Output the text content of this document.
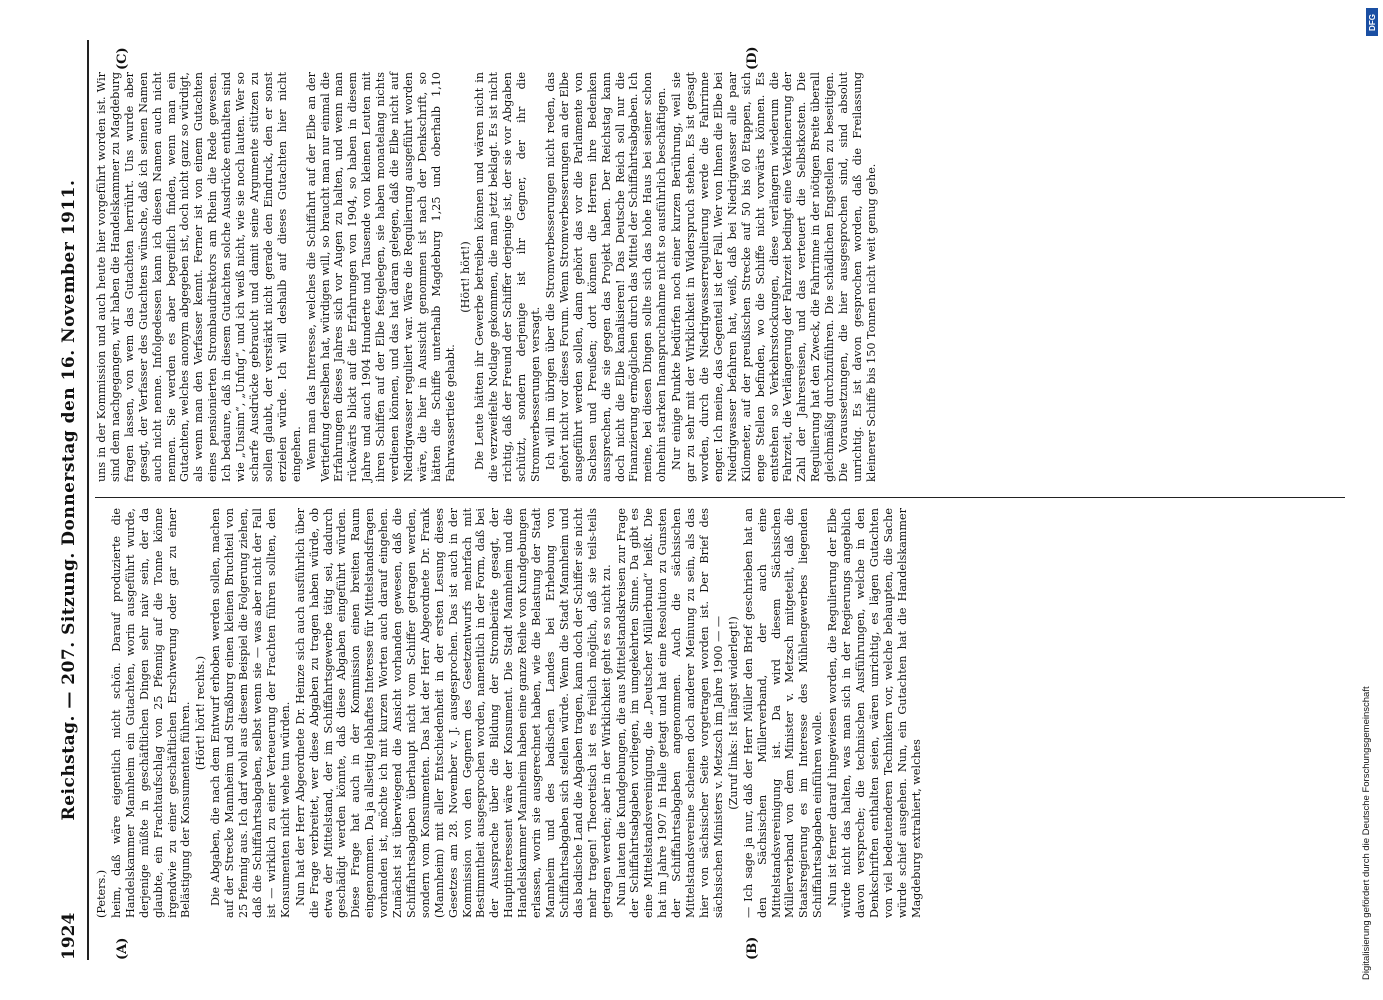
1924
Reichstag. — 207. Sitzung. Donnerstag den 16. November 1911.
(A)	(B)
(C)	(D)

(Peters.) heim, daß wäre eigentlich nicht schön. Darauf produzierte die Handelskammer Mannheim ein Gutachten, worin ausgeführt wurde, derjenige müßte in geschäftlichen Dingen sehr naiv sein, der da glaubte, ein Frachtaufschlag von 25 Pfennig auf die Tonne könne irgendwie zu einer geschäftlichen Erschwerung oder gar zu einer Belästigung der Konsumenten führen. (Hört! hört! rechts.) Die Abgaben, die nach dem Entwurf erhoben werden sollen, machen auf der Strecke Mannheim und Straßburg einen kleinen Bruchteil von 25 Pfennig aus. Ich darf wohl aus diesem Beispiel die Folgerung ziehen, daß die Schiffahrtsabgaben, selbst wenn sie — was aber nicht der Fall ist — wirklich zu einer Verteuerung der Frachten führen sollten, den Konsumenten nicht wehe tun würden. Nun hat der Herr Abgeordnete Dr. Heinze sich auch ausführlich über die Frage verbreitet, wer diese Abgaben zu tragen haben würde, ob etwa der Mittelstand, der im Schiffahrtsgewerbe tätig sei, dadurch geschädigt werden könnte, daß diese Abgaben eingeführt würden. Diese Frage hat auch in der Kommission einen breiten Raum eingenommen. Da ja allseitig lebhaftes Interesse für Mittelstandsfragen vorhanden ist, möchte ich mit kurzen Worten auch darauf eingehen. Zunächst ist überwiegend die Ansicht vorhanden gewesen, daß die Schiffahrtsabgaben überhaupt nicht vom Schiffer getragen werden, sondern vom Konsumenten. Das hat der Herr Abgeordnete Dr. Frank (Mannheim) mit aller Entschiedenheit in der ersten Lesung dieses Gesetzes am 28. November v. J. ausgesprochen. Das ist auch in der Kommission von den Gegnern des Gesetzentwurfs mehrfach mit Bestimmtheit ausgesprochen worden, namentlich in der Form, daß bei der Aussprache über die Bildung der Strombeiräte gesagt, der Hauptinteressent wäre der Konsument. Die Stadt Mannheim und die Handelskammer Mannheim haben eine ganze Reihe von Kundgebungen erlassen, worin sie ausgerechnet haben, wie die Belastung der Stadt Mannheim und des badischen Landes bei Erhebung von Schiffahrtsabgaben sich stellen würde. Wenn die Stadt Mannheim und das badische Land die Abgaben tragen, kann doch der Schiffer sie nicht mehr tragen! Theoretisch ist es freilich möglich, daß sie teils-teils getragen werden; aber in der Wirklichkeit geht es so nicht zu. Nun lauten die Kundgebungen, die aus Mittelstandskreisen zur Frage der Schiffahrtsabgaben vorliegen, im umgekehrten Sinne. Da gibt es eine Mittelstandsvereinigung, die „Deutscher Müllerbund“ heißt. Die hat im Jahre 1907 in Halle getagt und hat eine Resolution zu Gunsten der Schiffahrtsabgaben angenommen. Auch die sächsischen Mittelstandsvereine scheinen doch anderer Meinung zu sein, als das hier von sächsischer Seite vorgetragen worden ist. Der Brief des sächsischen Ministers v. Metzsch im Jahre 1900 — — (Zuruf links: Ist längst widerlegt!) — Ich sage ja nur, daß der Herr Müller den Brief geschrieben hat an den Sächsischen Müllerverband, der auch eine Mittelstandsvereinigung ist. Da wird diesem Sächsischen Müllerverband von dem Minister v. Metzsch mitgeteilt, daß die Staatsregierung es im Interesse des Mühlengewerbes liegenden Schiffahrtsabgaben einführen wolle. Nun ist ferner darauf hingewiesen worden, die Regulierung der Elbe würde nicht das halten, was man sich in der Regierungs angeblich davon verspreche; die technischen Ausführungen, welche in den Denkschriften enthalten seien, wären unrichtig, es lägen Gutachten von viel bedeutenderen Technikern vor, welche behaupten, die Sache würde schief ausgehen. Nun, ein Gutachten hat die Handelskammer Magdeburg extrahiert, welches

uns in der Kommission und auch heute hier vorgeführt worden ist. Wir sind dem nachgegangen, wir haben die Handelskammer zu Magdeburg fragen lassen, von wem das Gutachten herrührt. Uns wurde aber gesagt, der Verfasser des Gutachtens wünsche, daß ich seinen Namen auch nicht nenne. Infolgedessen kann ich diesen Namen auch nicht nennen. Sie werden es aber begreiflich finden, wenn man ein Gutachten, welches anonym abgegeben ist, doch nicht ganz so würdigt, als wenn man den Verfasser kennt. Ferner ist von einem Gutachten eines pensionierten Strombaudirektors am Rhein die Rede gewesen. Ich bedaure, daß in diesem Gutachten solche Ausdrücke enthalten sind wie „Unsinn“, „Unfug“, und ich weiß nicht, wie sie noch lauten. Wer so scharfe Ausdrücke gebraucht und damit seine Argumente stützen zu sollen glaubt, der verstärkt nicht gerade den Eindruck, den er sonst erzielen würde. Ich will deshalb auf dieses Gutachten hier nicht eingehen. Wenn man das Interesse, welches die Schiffahrt auf der Elbe an der Vertiefung derselben hat, würdigen will, so braucht man nur einmal die Erfahrungen dieses Jahres sich vor Augen zu halten, und wenn man rückwärts blickt auf die Erfahrungen von 1904, so haben in diesem Jahre und auch 1904 Hunderte und Tausende von kleinen Leuten mit ihren Schiffen auf der Elbe festgelegen, sie haben monatelang nichts verdienen können, und das hat daran gelegen, daß die Elbe nicht auf Niedrigwasser reguliert war. Wäre die Regulierung ausgeführt worden wäre, die hier in Aussicht genommen ist nach der Denkschrift, so hätten die Schiffe unterhalb Magdeburg 1,25 und oberhalb 1,10 Fahrwassertiefe gehabt.

(Hört! hört!) Die Leute hätten ihr Gewerbe betreiben können und wären nicht in die verzweifelte Notlage gekommen, die man jetzt beklagt. Es ist nicht richtig, daß der Freund der Schiffer derjenige ist, der sie vor Abgaben schützt, sondern derjenige ist ihr Gegner, der ihr die Stromverbesserungen versagt. Ich will im übrigen über die Stromverbesserungen nicht reden, das gehört nicht vor dieses Forum. Wenn Stromverbesserungen an der Elbe ausgeführt werden sollen, dann gehört das vor die Parlamente von Sachsen und Preußen; dort können die Herren ihre Bedenken aussprechen, die sie gegen das Projekt haben. Der Reichstag kann doch nicht die Elbe kanalisieren! Das Deutsche Reich soll nur die Finanzierung ermöglichen durch das Mittel der Schiffahrtsabgaben. Ich meine, bei diesen Dingen sollte sich das hohe Haus bei seiner schon ohnehin starken Inanspruchnahme nicht so ausführlich beschäftigen. Nur einige Punkte bedürfen noch einer kurzen Berührung, weil sie gar zu sehr mit der Wirklichkeit in Widerspruch stehen. Es ist gesagt worden, durch die Niedrigwasserregulierung werde die Fahrrinne enger. Ich meine, das Gegenteil ist der Fall. Wer von Ihnen die Elbe bei Niedrigwasser befahren hat, weiß, daß bei Niedrigwasser alle paar Kilometer, auf der preußischen Strecke auf 50 bis 60 Etappen, sich enge Stellen befinden, wo die Schiffe nicht vorwärts können. Es entstehen so Verkehrsstockungen, diese verlängern wiederum die Fahrzeit, die Verlängerung der Fahrzeit bedingt eine Verkleinerung der Zahl der Jahresreisen, und das verteuert die Selbstkosten. Die Regulierung hat den Zweck, die Fahrrinne in der nötigen Breite überall gleichmäßig durchzuführen. Die schädlichen Engstellen zu beseitigen. Die Voraussetzungen, die hier ausgesprochen sind, sind absolut unrichtig. Es ist davon gesprochen worden, daß die Freilassung kleinerer Schiffe bis 150 Tonnen nicht weit genug gehe.

DFG
Digitalisierung gefördert durch die Deutsche Forschungsgemeinschaft
